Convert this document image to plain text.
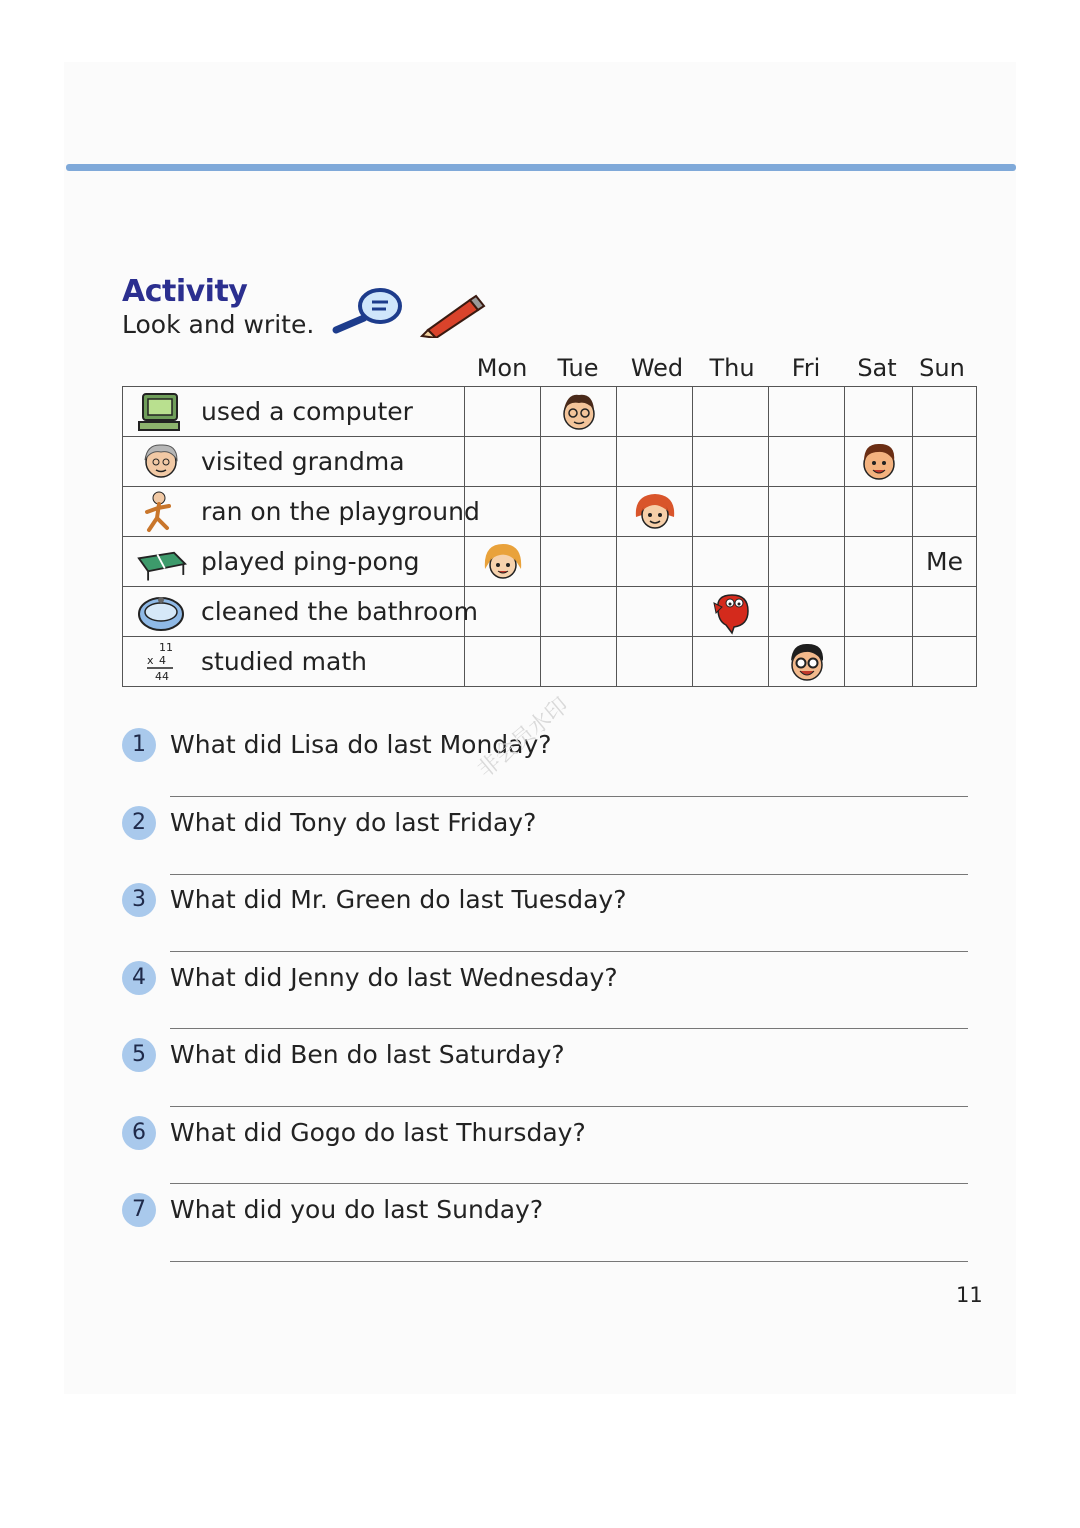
Activity
Look and write.
Mon	Tue	Wed	Thu	Fri	Sat Sun
used a computer

visited grandma

ran on the playground

played ping-pong							Me

cleaned the bathroom

11
x 4
44
studied math

1 What did Lisa do last Monday?
2 What did Tony do last Friday?
3 What did Mr. Green do last Tuesday?
4 What did Jenny do last Wednesday?
5 What did Ben do last Saturday?
6 What did Gogo do last Thursday?
7 What did you do last Sunday?
非会员水印
11
